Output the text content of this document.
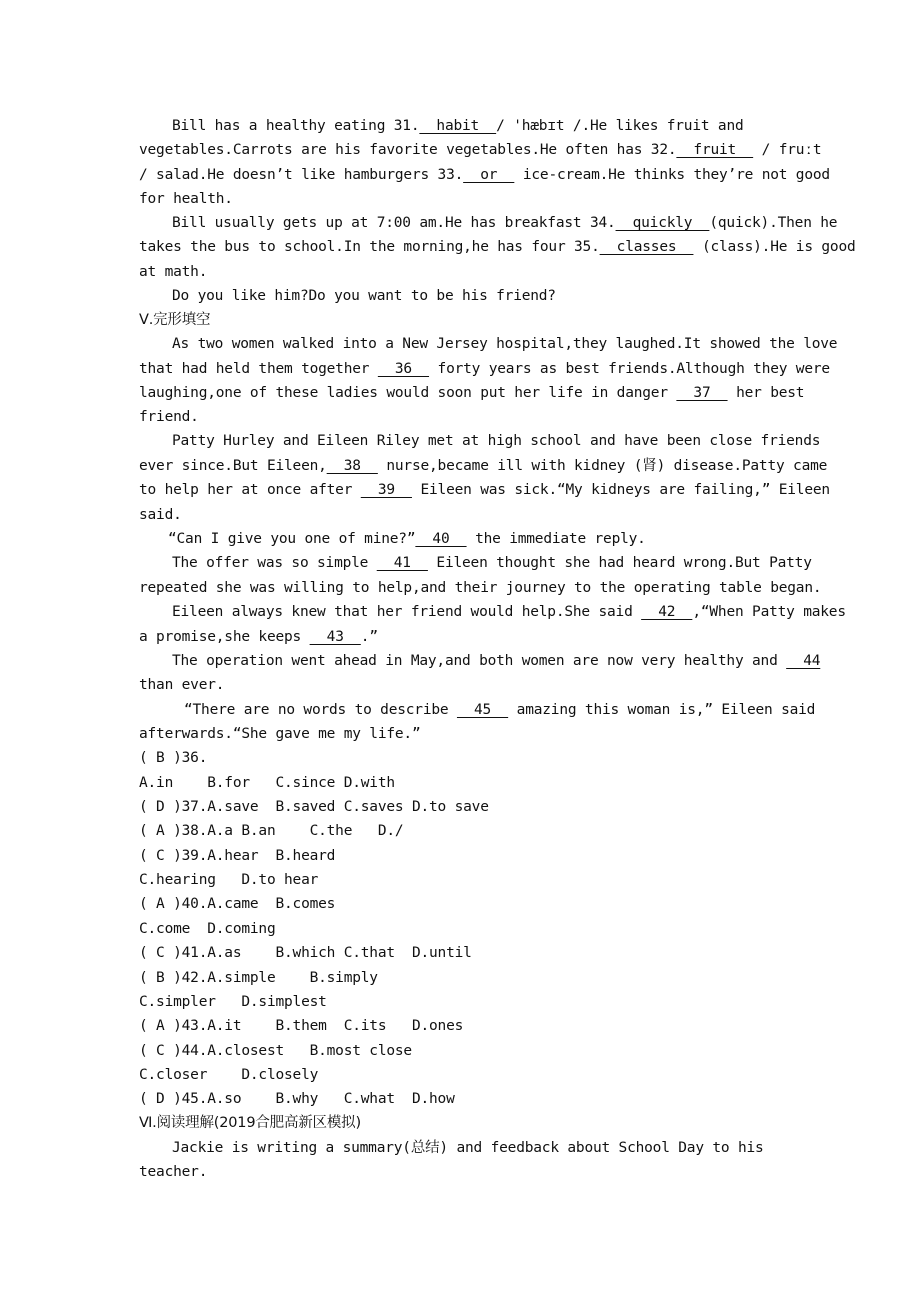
Bill has a healthy eating 31.  habit  / 'hæbɪt /.He likes fruit and
vegetables.Carrots are his favorite vegetables.He often has 32.  fruit   / fruːt
/ salad.He doesn’t like hamburgers 33.  or   ice-cream.He thinks they’re not good
for health.
Bill usually gets up at 7:00 am.He has breakfast 34.  quickly  (quick).Then he
takes the bus to school.In the morning,he has four 35.  classes   (class).He is good
at math.
Do you like him?Do you want to be his friend?
Ⅴ.完形填空
As two women walked into a New Jersey hospital,they laughed.It showed the love
that had held them together   36   forty years as best friends.Although they were
laughing,one of these ladies would soon put her life in danger   37   her best
friend.
Patty Hurley and Eileen Riley met at high school and have been close friends
ever since.But Eileen,  38   nurse,became ill with kidney (肾) disease.Patty came
to help her at once after   39   Eileen was sick.“My kidneys are failing,” Eileen
said.
“Can I give you one of mine?”  40   the immediate reply.
The offer was so simple   41   Eileen thought she had heard wrong.But Patty
repeated she was willing to help,and their journey to the operating table began.
Eileen always knew that her friend would help.She said   42  ,“When Patty makes
a promise,she keeps   43  .”
The operation went ahead in May,and both women are now very healthy and   44
than ever.
“There are no words to describe   45   amazing this woman is,” Eileen said
afterwards.“She gave me my life.”
( B )36.
A.in    B.for   C.since D.with
( D )37.A.save  B.saved C.saves D.to save
( A )38.A.a B.an    C.the   D./
( C )39.A.hear  B.heard
C.hearing   D.to hear
( A )40.A.came  B.comes
C.come  D.coming
( C )41.A.as    B.which C.that  D.until
( B )42.A.simple    B.simply
C.simpler   D.simplest
( A )43.A.it    B.them  C.its   D.ones
( C )44.A.closest   B.most close
C.closer    D.closely
( D )45.A.so    B.why   C.what  D.how
Ⅵ.阅读理解(2019合肥高新区模拟)
Jackie is writing a summary(总结) and feedback about School Day to his
teacher.
